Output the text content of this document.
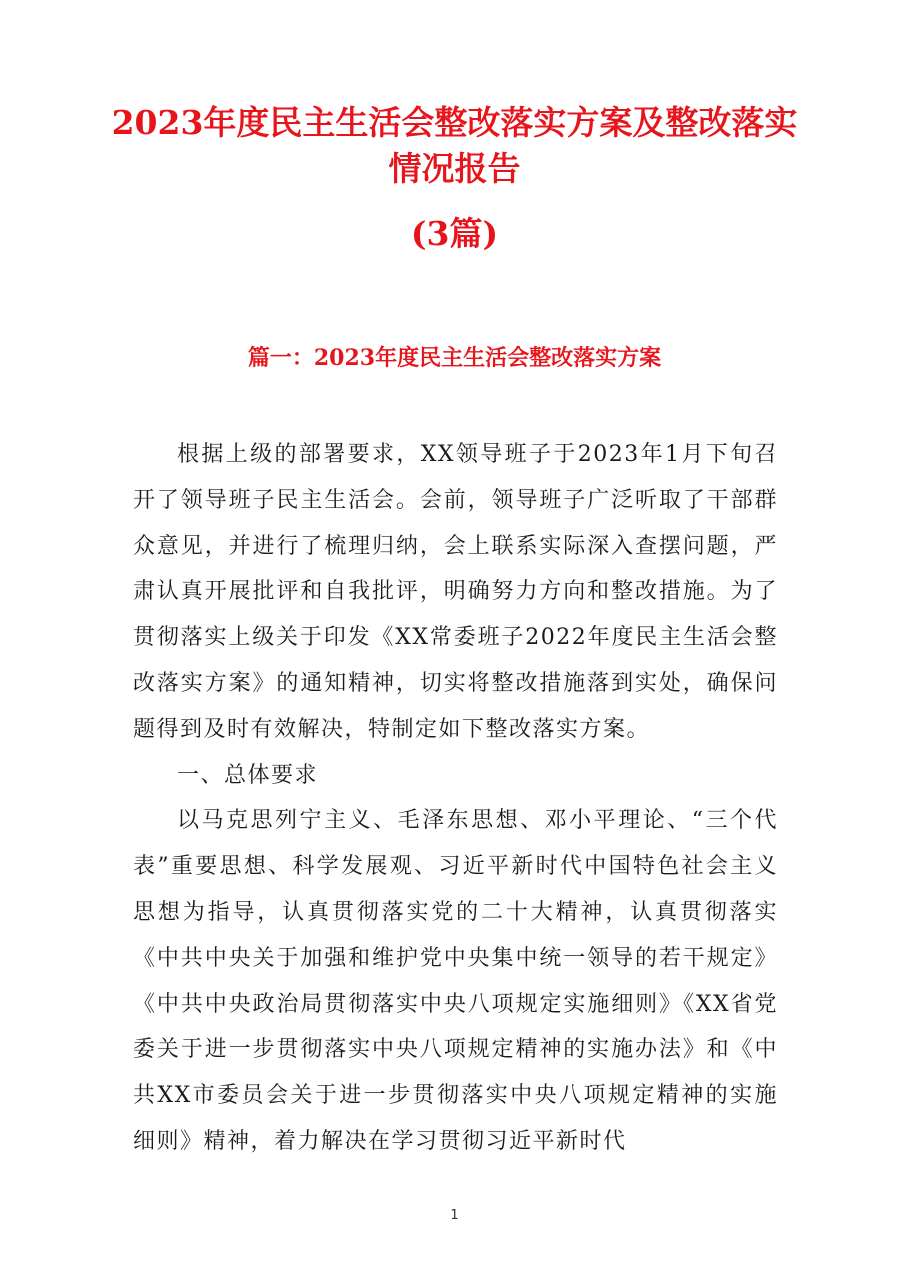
2023年度民主生活会整改落实方案及整改落实情况报告
(3篇)
篇一：2023年度民主生活会整改落实方案

根据上级的部署要求，XX领导班子于2023年1月下旬召开了领导班子民主生活会。会前，领导班子广泛听取了干部群众意见，并进行了梳理归纳，会上联系实际深入查摆问题，严肃认真开展批评和自我批评，明确努力方向和整改措施。为了贯彻落实上级关于印发《XX常委班子2022年度民主生活会整改落实方案》的通知精神，切实将整改措施落到实处，确保问题得到及时有效解决，特制定如下整改落实方案。

一、总体要求

以马克思列宁主义、毛泽东思想、邓小平理论、“三个代表”重要思想、科学发展观、习近平新时代中国特色社会主义思想为指导，认真贯彻落实党的二十大精神，认真贯彻落实《中共中央关于加强和维护党中央集中统一领导的若干规定》《中共中央政治局贯彻落实中央八项规定实施细则》《XX省党委关于进一步贯彻落实中央八项规定精神的实施办法》和《中共XX市委员会关于进一步贯彻落实中央八项规定精神的实施细则》精神，着力解决在学习贯彻习近平新时代

1
